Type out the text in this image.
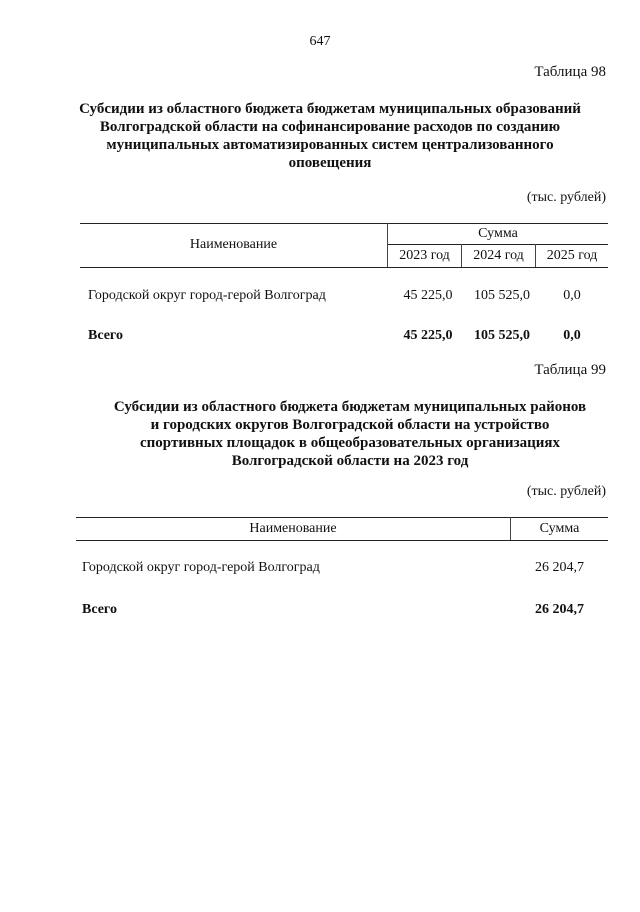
647
Таблица 98
Субсидии из областного бюджета бюджетам муниципальных образований
Волгоградской области на софинансирование расходов по созданию
муниципальных автоматизированных систем централизованного
оповещения
(тыс. рублей)
Наименование
Сумма
2023 год	2024 год	2025 год
Городской округ город-герой Волгоград	45 225,0	105 525,0	0,0
Всего	45 225,0	105 525,0	0,0
Таблица 99
Субсидии из областного бюджета бюджетам муниципальных районов
и городских округов Волгоградской области на устройство
спортивных площадок в общеобразовательных организациях
Волгоградской области на 2023 год
(тыс. рублей)
Наименование	Сумма
Городской округ город-герой Волгоград	26 204,7
Всего	26 204,7
